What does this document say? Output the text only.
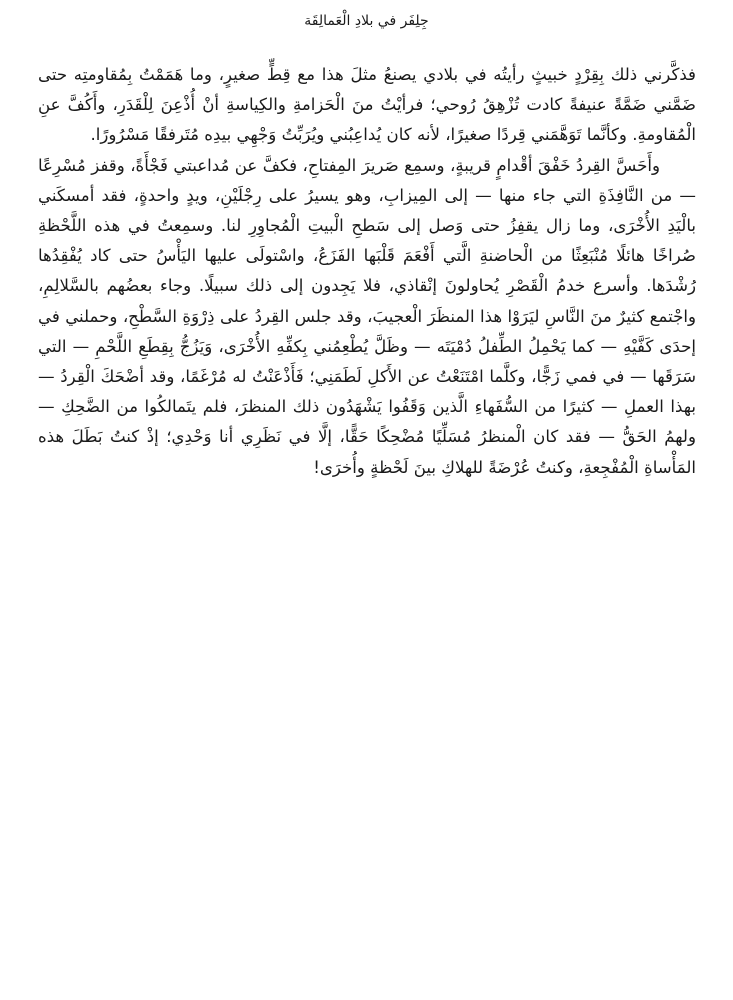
جِلِفَر في بلادِ الْعَمالِقَة

فذكَّرني ذلك بِقِرْدٍ خبيثٍ رأيتُه في بلادي يصنعُ مثلَ هذا مع قِطٍّ صغيرٍ، وما هَمَمْتُ بِمُقاومتِه حتى ضَمَّني ضَمَّةً عنيفةً كادت تُزْهِقُ رُوحي؛ فرأيْتُ منَ الْحَزامةِ والكِياسةِ أنْ أُذْعِنَ لِلْقَدَرِ، وأَكُفَّ عنِ الْمُقاومةِ. وكأنَّما تَوَهَّمَني قِردًا صغيرًا، لأنه كان يُداعِبُني ويُرَبِّتُ وَجْهِي بيدِه مُتَرفقًا مَسْرُورًا.

وأَحَسَّ القِردُ خَفْقَ أقْدامٍ قريبةٍ، وسمِع صَريرَ المِفتاحِ، فكفَّ عن مُداعبتي فَجْأَةً، وقفز مُسْرِعًا — من النَّافِذَةِ التي جاء منها — إلى المِيزابِ، وهو يسيرُ على رِجْلَيْنِ، ويدٍ واحدةٍ، فقد أمسكَني بالْيَدِ الأُخْرَى، وما زال يقفِزُ حتى وَصل إلى سَطحِ الْبيتِ الْمُجاوِرِ لنا. وسمِعتُ في هذه اللَّحْظةِ صُراخًا هائلًا مُنْبَعِثًا من الْحاضنةِ الَّتي أَفْعَمَ قَلْبَها الفَزَعُ، واسْتولَى عليها اليَأْسُ حتى كاد يُفْقِدُها رُشْدَها. وأسرع خدمُ الْقَصْرِ يُحاولونَ إنْقاذي، فلا يَجِدون إلى ذلك سبيلًا. وجاء بعضُهم بالسَّلالِمِ، واجْتمع كثيرٌ منَ النَّاسِ ليَرَوْا هذا المنظَرَ الْعجيبَ، وقد جلس القِردُ على ذِرْوَةِ السَّطْحِ، وحملني في إحدَى كَفَّيْهِ — كما يَحْمِلُ الطِّفلُ دُمْيَتَه — وظَلَّ يُطْعِمُني بِكفِّهِ الأُخْرَى، وَيَزُجُّ بِقِطَعِ اللَّحْمِ — التي سَرَقَها — في فمي زَجًّا، وكلَّما امْتَنَعْتُ عن الأَكلِ لَطَمَنِي؛ فَأَذْعَنْتُ له مُرْغَمًا، وقد أضْحَكَ الْقِردُ — بهذا العملِ — كثيرًا من السُّفَهاءِ الَّذين وَقَفُوا يَشْهَدُون ذلك المنظرَ، فلم يتَمالكُوا من الضَّحِكِ — ولهمُ الحَقُّ — فقد كان الْمنظرُ مُسَلِّيًا مُضْحِكًا حَقًّا، إلَّا في نَظَرِي أنا وَحْدِي؛ إذْ كنتُ بَطَلَ هذه المَأْساةِ الْمُفْجِعةِ، وكنتُ عُرْضَةً للهلاكِ بينَ لَحْظةٍ وأُخرَى!
